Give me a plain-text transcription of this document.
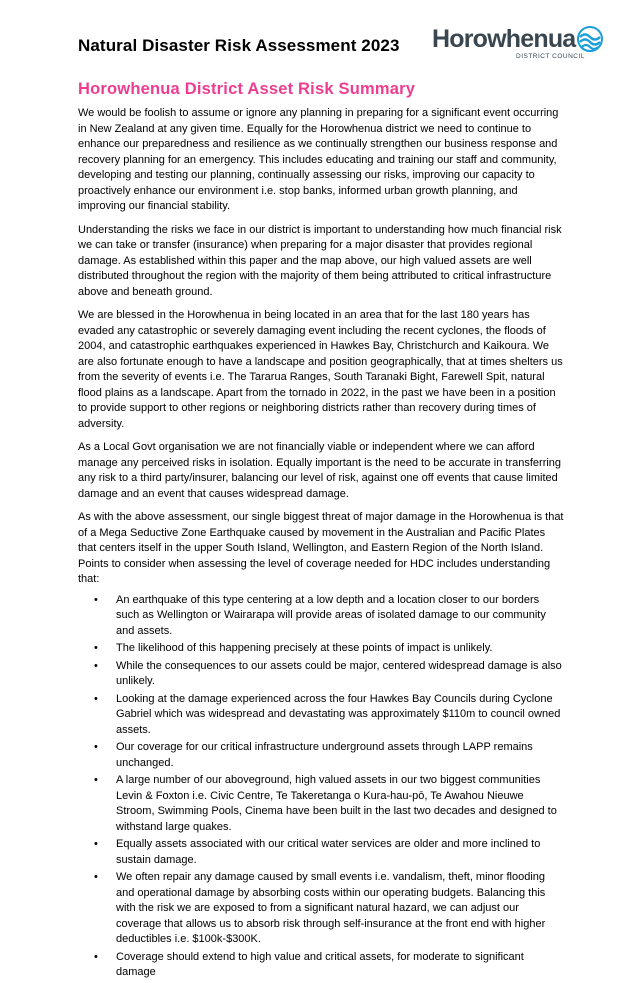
Natural Disaster Risk Assessment 2023 Horowhenua
DISTRICT COUNCIL
Horowhenua District Asset Risk Summary

We would be foolish to assume or ignore any planning in preparing for a significant event occurring in New Zealand at any given time. Equally for the Horowhenua district we need to continue to enhance our preparedness and resilience as we continually strengthen our business response and recovery planning for an emergency. This includes educating and training our staff and community, developing and testing our planning, continually assessing our risks, improving our capacity to proactively enhance our environment i.e. stop banks, informed urban growth planning, and improving our financial stability.

Understanding the risks we face in our district is important to understanding how much financial risk we can take or transfer (insurance) when preparing for a major disaster that provides regional damage. As established within this paper and the map above, our high valued assets are well distributed throughout the region with the majority of them being attributed to critical infrastructure above and beneath ground.

We are blessed in the Horowhenua in being located in an area that for the last 180 years has evaded any catastrophic or severely damaging event including the recent cyclones, the floods of 2004, and catastrophic earthquakes experienced in Hawkes Bay, Christchurch and Kaikoura. We are also fortunate enough to have a landscape and position geographically, that at times shelters us from the severity of events i.e. The Tararua Ranges, South Taranaki Bight, Farewell Spit, natural flood plains as a landscape. Apart from the tornado in 2022, in the past we have been in a position to provide support to other regions or neighboring districts rather than recovery during times of adversity.

As a Local Govt organisation we are not financially viable or independent where we can afford manage any perceived risks in isolation. Equally important is the need to be accurate in transferring any risk to a third party/insurer, balancing our level of risk, against one off events that cause limited damage and an event that causes widespread damage.

As with the above assessment, our single biggest threat of major damage in the Horowhenua is that of a Mega Seductive Zone Earthquake caused by movement in the Australian and Pacific Plates that centers itself in the upper South Island, Wellington, and Eastern Region of the North Island. Points to consider when assessing the level of coverage needed for HDC includes understanding that:

• An earthquake of this type centering at a low depth and a location closer to our borders such as Wellington or Wairarapa will provide areas of isolated damage to our community and assets.
• The likelihood of this happening precisely at these points of impact is unlikely.
• While the consequences to our assets could be major, centered widespread damage is also unlikely.
• Looking at the damage experienced across the four Hawkes Bay Councils during Cyclone Gabriel which was widespread and devastating was approximately $110m to council owned assets.
• Our coverage for our critical infrastructure underground assets through LAPP remains unchanged.
• A large number of our aboveground, high valued assets in our two biggest communities Levin & Foxton i.e. Civic Centre, Te Takeretanga o Kura-hau-pō, Te Awahou Nieuwe Stroom, Swimming Pools, Cinema have been built in the last two decades and designed to withstand large quakes.
• Equally assets associated with our critical water services are older and more inclined to sustain damage.
• We often repair any damage caused by small events i.e. vandalism, theft, minor flooding and operational damage by absorbing costs within our operating budgets. Balancing this with the risk we are exposed to from a significant natural hazard, we can adjust our coverage that allows us to absorb risk through self-insurance at the front end with higher deductibles i.e. $100k-$300K.
• Coverage should extend to high value and critical assets, for moderate to significant damage
